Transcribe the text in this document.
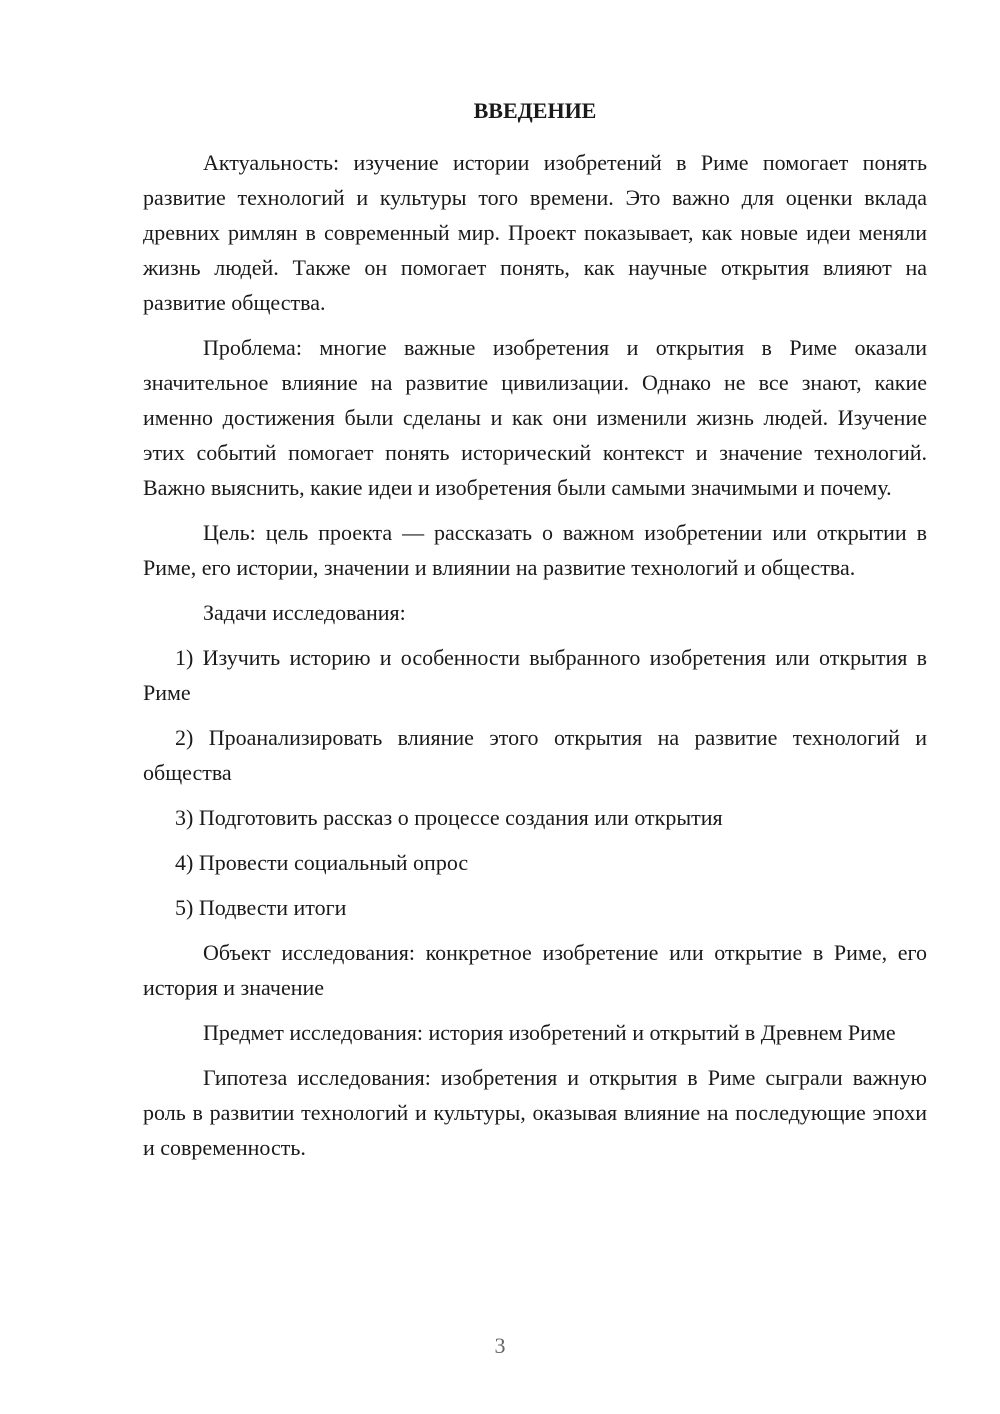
ВВЕДЕНИЕ

Актуальность: изучение истории изобретений в Риме помогает понять развитие технологий и культуры того времени. Это важно для оценки вклада древних римлян в современный мир. Проект показывает, как новые идеи меняли жизнь людей. Также он помогает понять, как научные открытия влияют на развитие общества.

Проблема: многие важные изобретения и открытия в Риме оказали значительное влияние на развитие цивилизации. Однако не все знают, какие именно достижения были сделаны и как они изменили жизнь людей. Изучение этих событий помогает понять исторический контекст и значение технологий. Важно выяснить, какие идеи и изобретения были самыми значимыми и почему.

Цель: цель проекта — рассказать о важном изобретении или открытии в Риме, его истории, значении и влиянии на развитие технологий и общества.

Задачи исследования:

1) Изучить историю и особенности выбранного изобретения или открытия в Риме

2) Проанализировать влияние этого открытия на развитие технологий и общества

3) Подготовить рассказ о процессе создания или открытия

4) Провести социальный опрос

5) Подвести итоги

Объект исследования: конкретное изобретение или открытие в Риме, его история и значение

Предмет исследования: история изобретений и открытий в Древнем Риме

Гипотеза исследования: изобретения и открытия в Риме сыграли важную роль в развитии технологий и культуры, оказывая влияние на последующие эпохи и современность.

3
